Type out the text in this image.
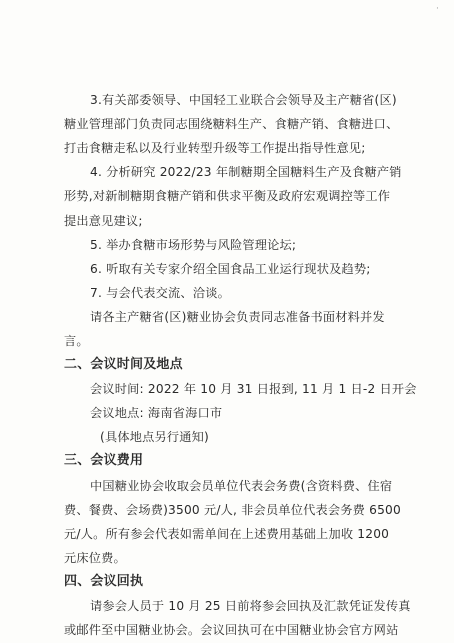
·
3.有关部委领导、中国轻工业联合会领导及主产糖省(区)
糖业管理部门负责同志围绕糖料生产、食糖产销、食糖进口、
打击食糖走私以及行业转型升级等工作提出指导性意见;
4. 分析研究 2022/23 年制糖期全国糖料生产及食糖产销
形势,对新制糖期食糖产销和供求平衡及政府宏观调控等工作
提出意见建议;
5. 举办食糖市场形势与风险管理论坛;
6. 听取有关专家介绍全国食品工业运行现状及趋势;
7. 与会代表交流、洽谈。
请各主产糖省(区)糖业协会负责同志准备书面材料并发
言。
二、会议时间及地点
会议时间: 2022 年 10 月 31 日报到, 11 月 1 日-2 日开会
会议地点: 海南省海口市
(具体地点另行通知)
三、会议费用
中国糖业协会收取会员单位代表会务费(含资料费、住宿
费、餐费、会场费)3500 元/人, 非会员单位代表会务费 6500
元/人。所有参会代表如需单间在上述费用基础上加收 1200
元床位费。
四、会议回执
请参会人员于 10 月 25 日前将参会回执及汇款凭证发传真
或邮件至中国糖业协会。会议回执可在中国糖业协会官方网站
